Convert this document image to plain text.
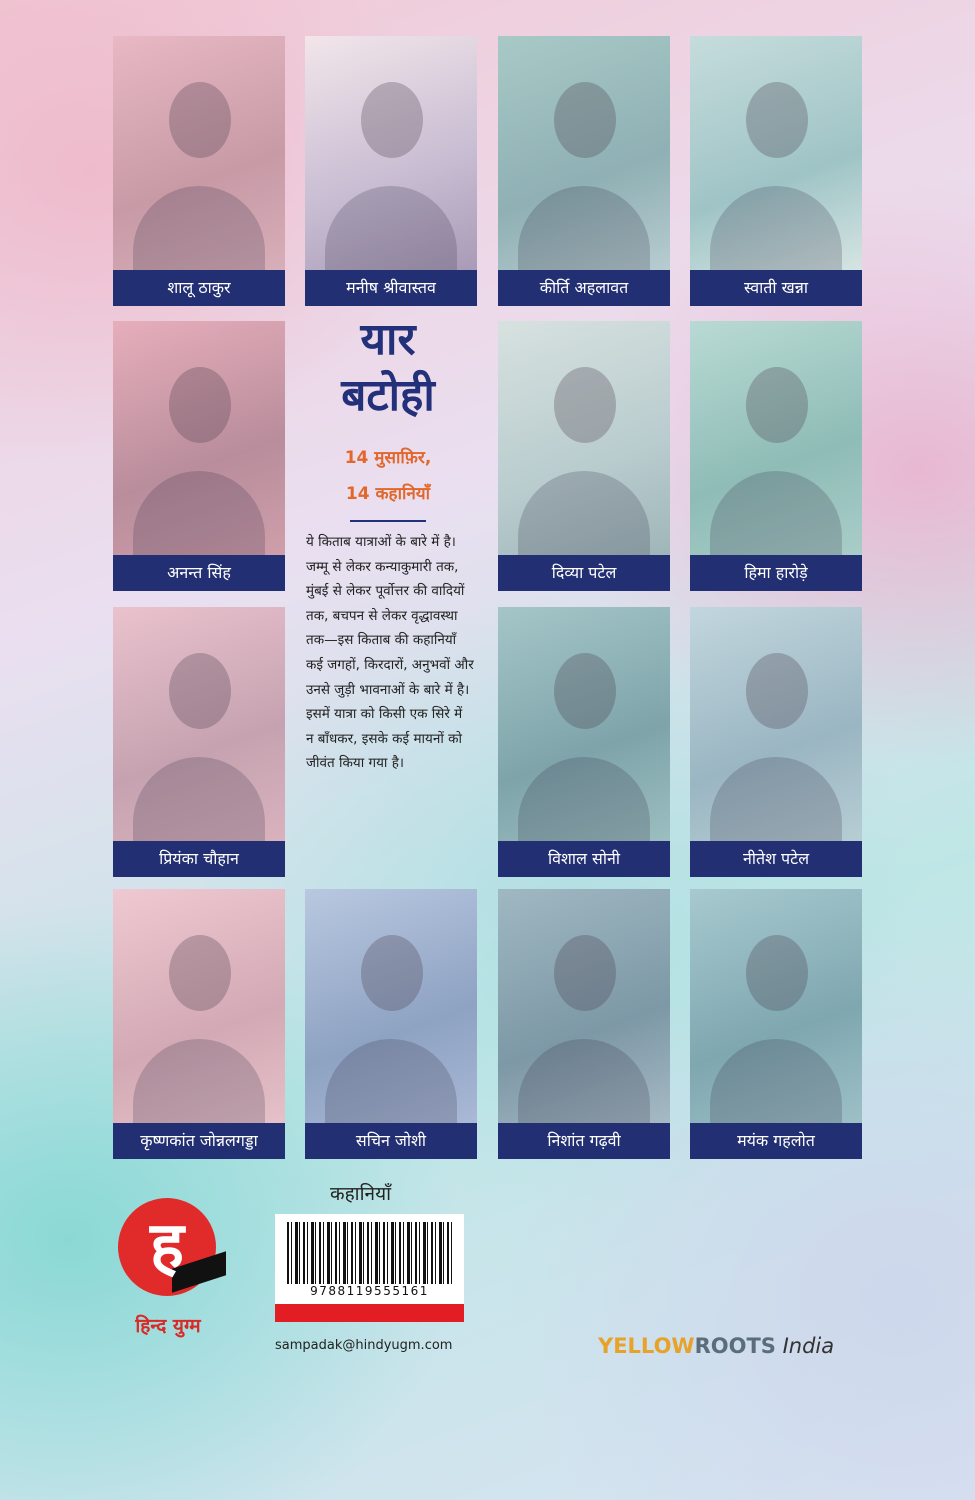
शालू ठाकुर	मनीष श्रीवास्तव	कीर्ति अहलावत	स्वाती खन्ना
अनन्त सिंह	दिव्या पटेल	हिमा हारोड़े
प्रियंका चौहान	विशाल सोनी	नीतेश पटेल
कृष्णकांत जोन्नलगड्डा	सचिन जोशी	निशांत गढ़वी	मयंक गहलोत
यार
बटोही
14 मुसाफ़िर,
14 कहानियाँ
ये किताब यात्राओं के बारे में है। जम्मू से लेकर कन्याकुमारी तक, मुंबई से लेकर पूर्वोत्तर की वादियों तक, बचपन से लेकर वृद्धावस्था तक—इस किताब की कहानियाँ कई जगहों, किरदारों, अनुभवों और उनसे जुड़ी भावनाओं के बारे में है। इसमें यात्रा को किसी एक सिरे में न बाँधकर, इसके कई मायनों को जीवंत किया गया है।
ह
हिन्द युग्म
कहानियाँ
9788119555161
sampadak@hindyugm.com	YELLOWROOTS India
